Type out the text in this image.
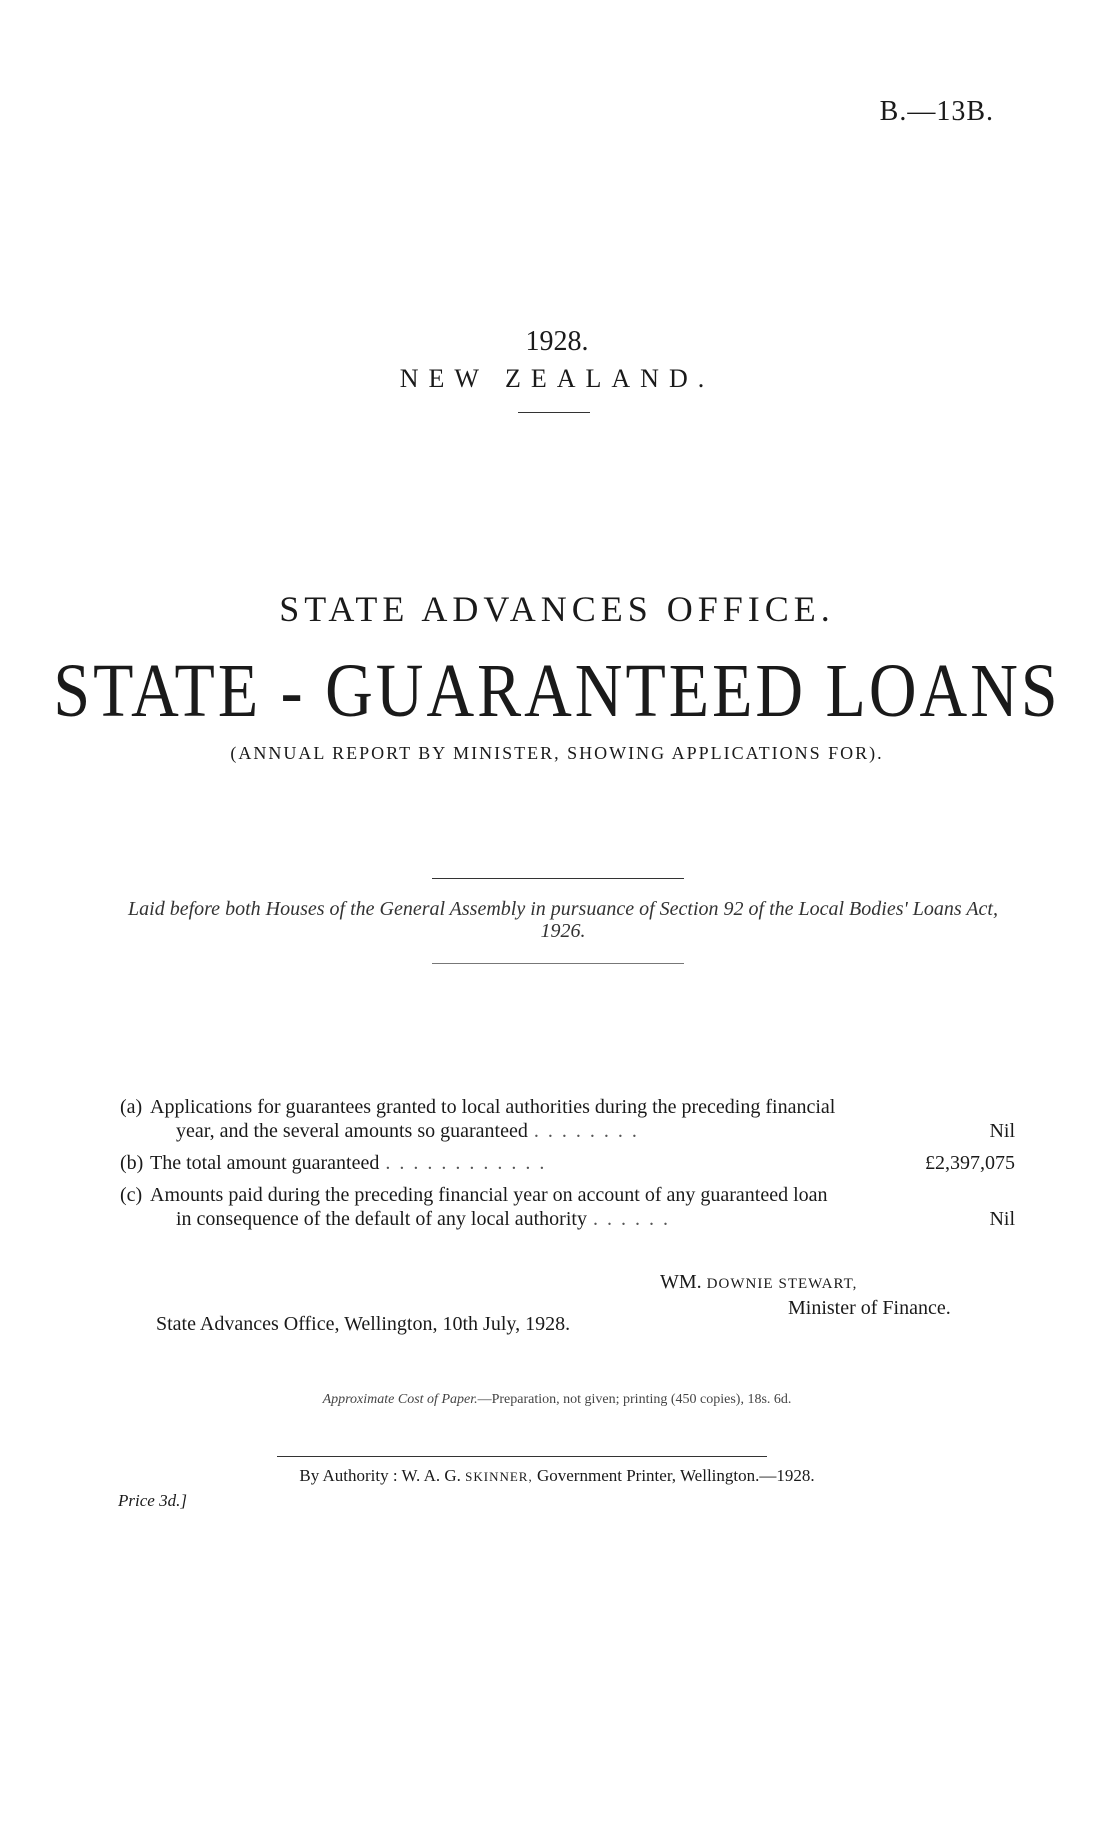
B.—13B.
1928.
NEW ZEALAND.
STATE ADVANCES OFFICE.
STATE - GUARANTEED LOANS
(ANNUAL REPORT BY MINISTER, SHOWING APPLICATIONS FOR).
Laid before both Houses of the General Assembly in pursuance of Section 92 of the Local Bodies' Loans Act, 1926.
(a) Applications for guarantees granted to local authorities during the preceding financial
year, and the several amounts so guaranteed . . . . . . . .	Nil
(b) The total amount guaranteed . . . . . . . . . . . .	£2,397,075
(c) Amounts paid during the preceding financial year on account of any guaranteed loan
in consequence of the default of any local authority . . . . . .	Nil
WM. DOWNIE STEWART,
Minister of Finance.
State Advances Office, Wellington, 10th July, 1928.
Approximate Cost of Paper.—Preparation, not given; printing (450 copies), 18s. 6d.
By Authority : W. A. G. SKINNER, Government Printer, Wellington.—1928.
Price 3d.]
